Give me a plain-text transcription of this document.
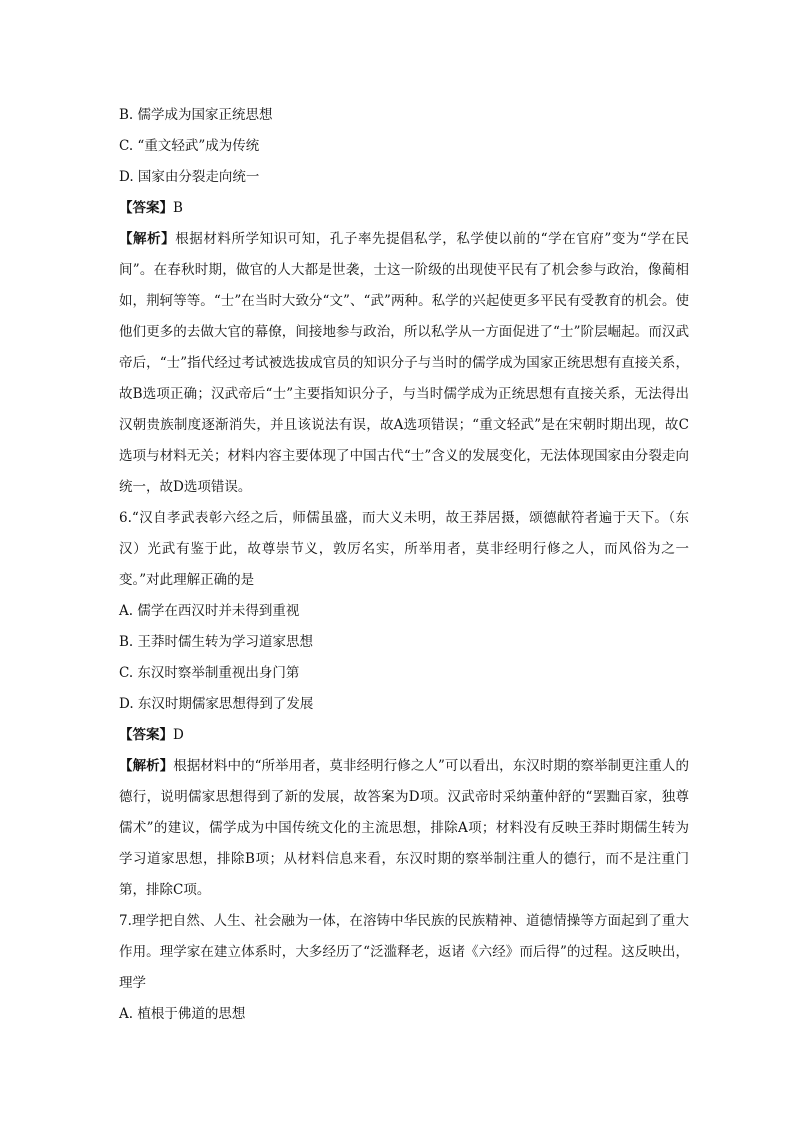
B. 儒学成为国家正统思想
C. “重文轻武”成为传统
D. 国家由分裂走向统一
【答案】B

【解析】根据材料所学知识可知，孔子率先提倡私学，私学使以前的“学在官府”变为“学在民间”。在春秋时期，做官的人大都是世袭，士这一阶级的出现使平民有了机会参与政治，像蔺相如，荆轲等等。“士”在当时大致分“文”、“武”两种。私学的兴起使更多平民有受教育的机会。使他们更多的去做大官的幕僚，间接地参与政治，所以私学从一方面促进了“士”阶层崛起。而汉武帝后，“士”指代经过考试被选拔成官员的知识分子与当时的儒学成为国家正统思想有直接关系，故B选项正确；汉武帝后“士”主要指知识分子，与当时儒学成为正统思想有直接关系，无法得出汉朝贵族制度逐渐消失，并且该说法有误，故A选项错误；“重文轻武”是在宋朝时期出现，故C选项与材料无关；材料内容主要体现了中国古代“士”含义的发展变化，无法体现国家由分裂走向统一，故D选项错误。

6.“汉自孝武表彰六经之后，师儒虽盛，而大义未明，故王莽居摄，颂德献符者遍于天下。（东汉）光武有鉴于此，故尊崇节义，敦厉名实，所举用者，莫非经明行修之人，而风俗为之一变。”对此理解正确的是

A. 儒学在西汉时并未得到重视
B. 王莽时儒生转为学习道家思想
C. 东汉时察举制重视出身门第
D. 东汉时期儒家思想得到了发展
【答案】D

【解析】根据材料中的“所举用者，莫非经明行修之人”可以看出，东汉时期的察举制更注重人的德行，说明儒家思想得到了新的发展，故答案为D项。汉武帝时采纳董仲舒的“罢黜百家，独尊儒术”的建议，儒学成为中国传统文化的主流思想，排除A项；材料没有反映王莽时期儒生转为学习道家思想，排除B项；从材料信息来看，东汉时期的察举制注重人的德行，而不是注重门第，排除C项。

7.理学把自然、人生、社会融为一体，在溶铸中华民族的民族精神、道德情操等方面起到了重大作用。理学家在建立体系时，大多经历了“泛滥释老，返诸《六经》而后得”的过程。这反映出，理学

A. 植根于佛道的思想
